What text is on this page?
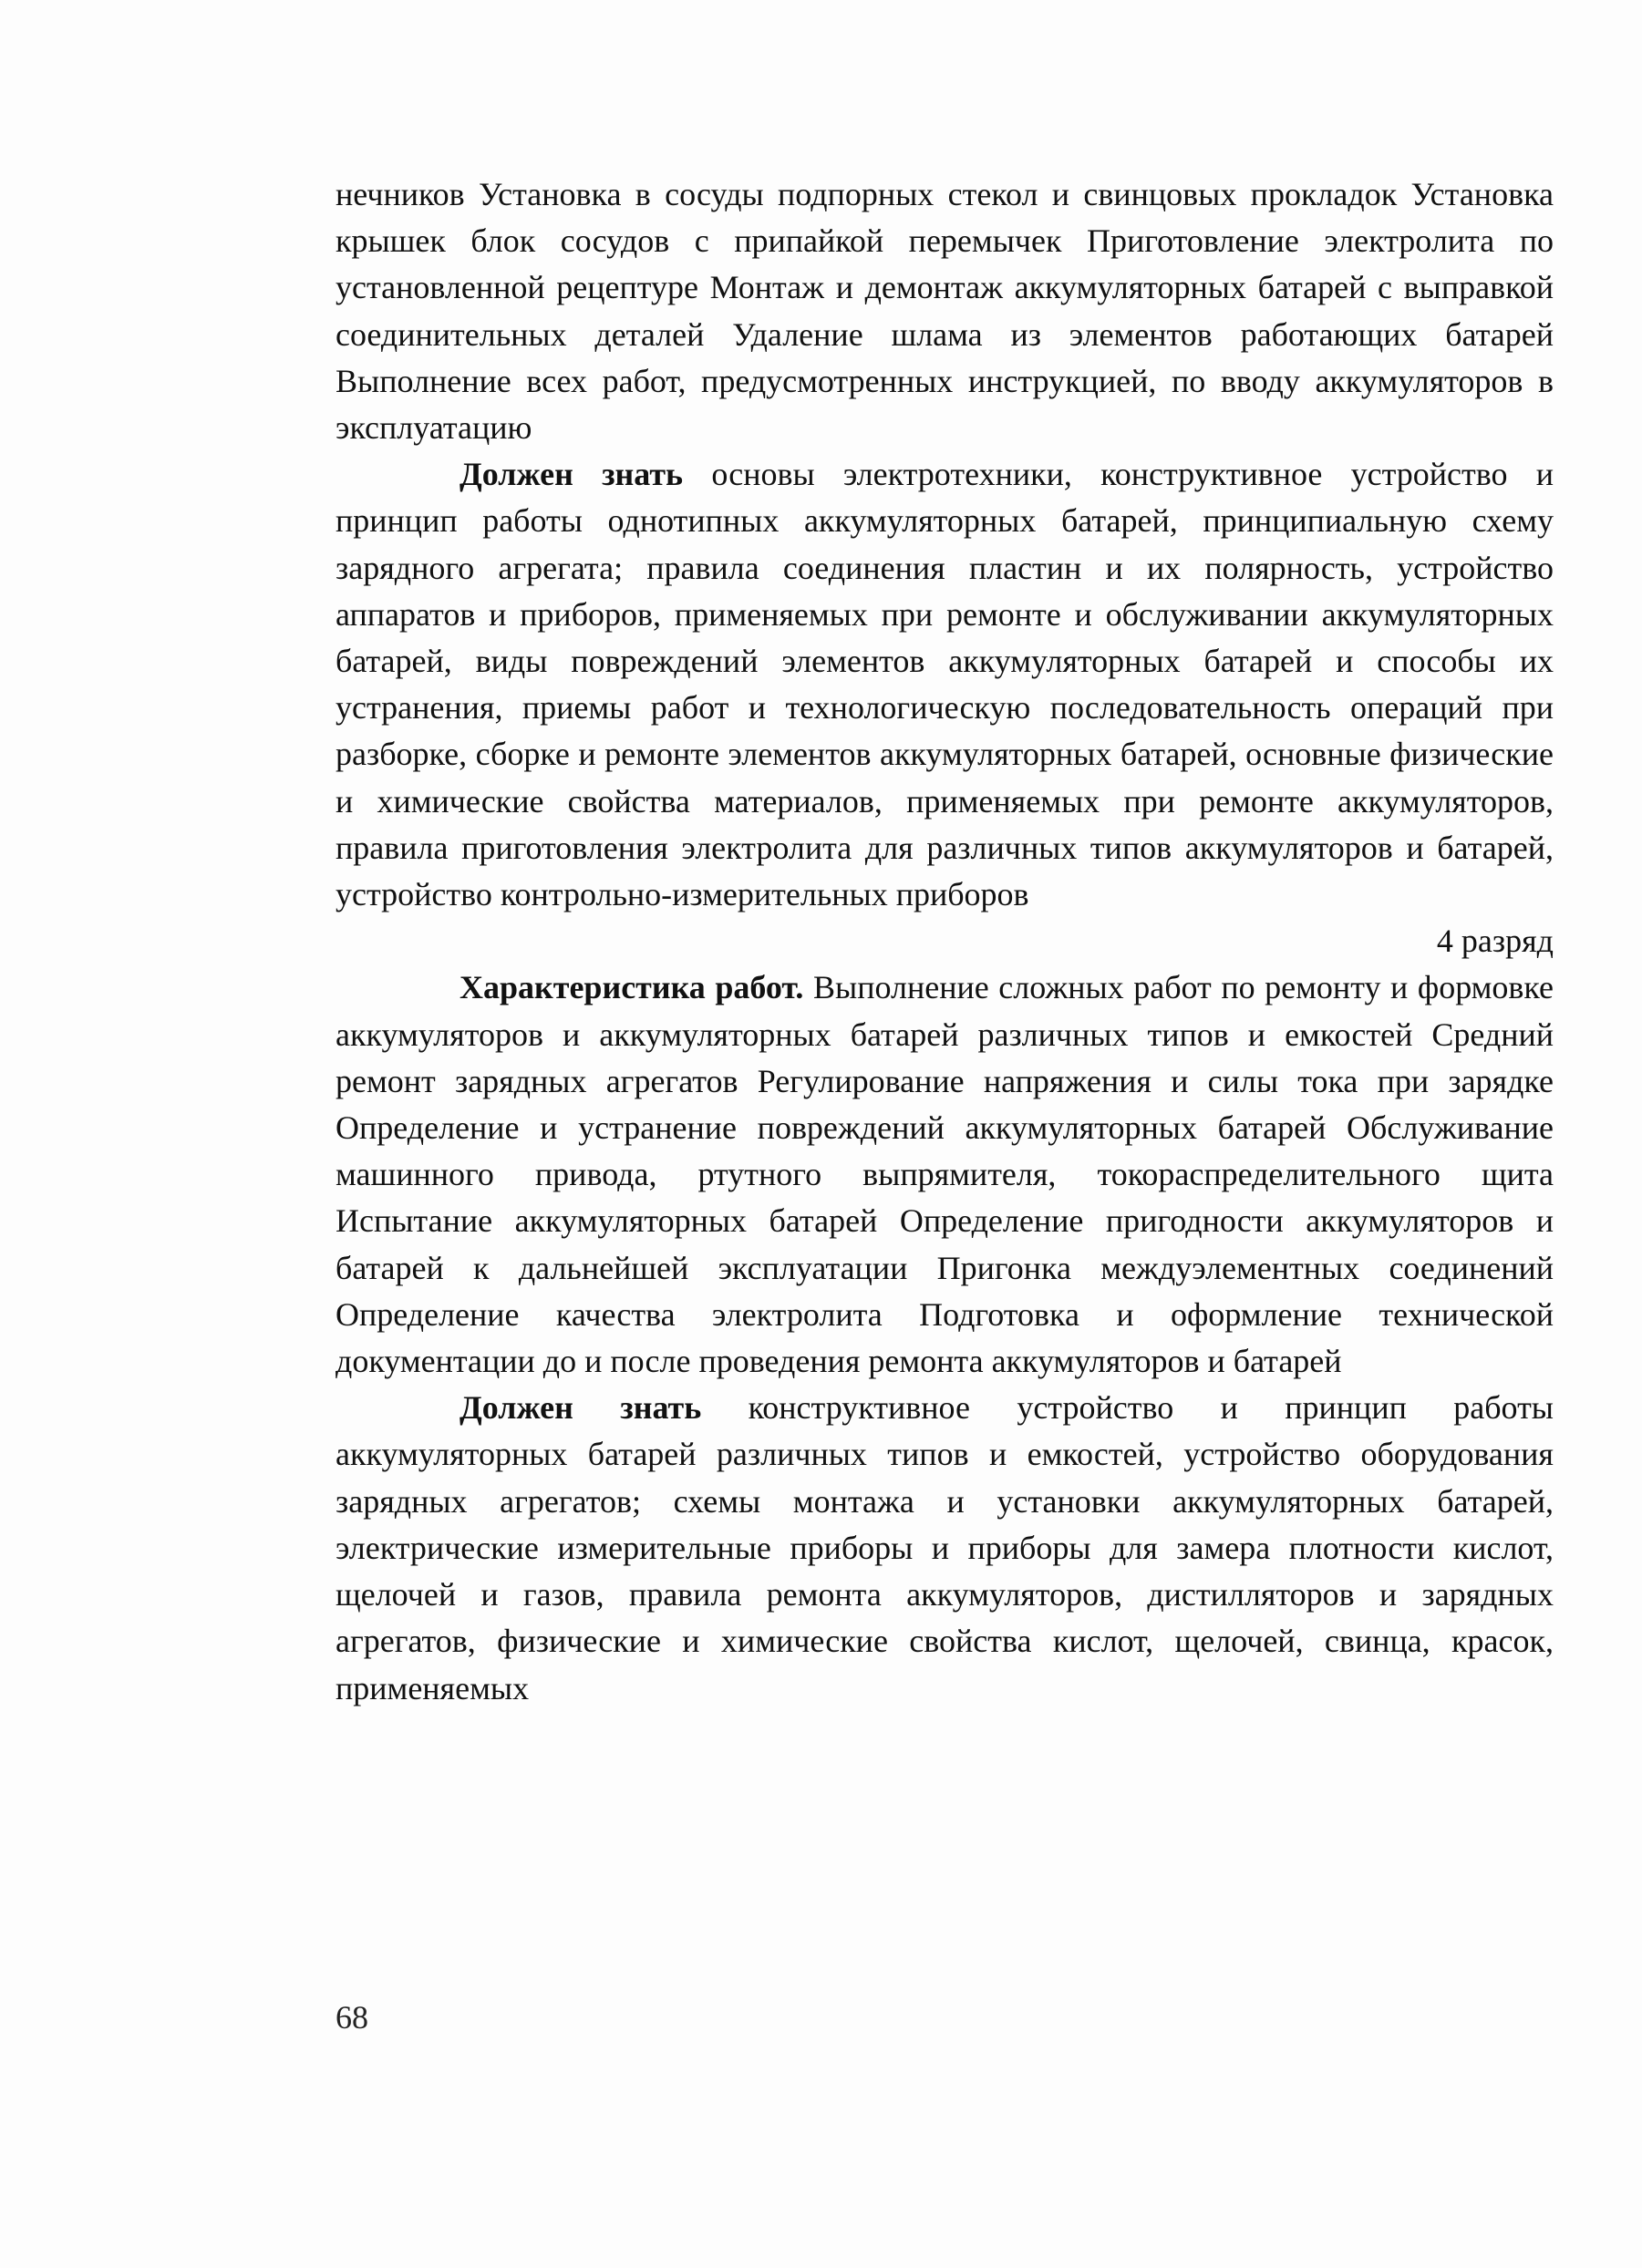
нечников Установка в сосуды подпорных стекол и свинцовых прокладок Установка крышек блок сосудов с припайкой перемычек Приготовление электролита по установленной рецептуре Монтаж и демонтаж аккумуляторных батарей с выправкой соединительных деталей Удаление шлама из элементов работающих батарей Выполнение всех работ, предусмотренных инструкцией, по вводу аккумуляторов в эксплуатацию

Должен знать основы электротехники, конструктивное устройство и принцип работы однотипных аккумуляторных батарей, принципиальную схему зарядного агрегата; правила соединения пластин и их полярность, устройство аппаратов и приборов, применяемых при ремонте и обслуживании аккумуляторных батарей, виды повреждений элементов аккумуляторных батарей и способы их устранения, приемы работ и технологическую последовательность операций при разборке, сборке и ремонте элементов аккумуляторных батарей, основные физические и химические свойства материалов, применяемых при ремонте аккумуляторов, правила приготовления электролита для различных типов аккумуляторов и батарей, устройство контрольно-измерительных приборов

4 разряд

Характеристика работ. Выполнение сложных работ по ремонту и формовке аккумуляторов и аккумуляторных батарей различных типов и емкостей Средний ремонт зарядных агрегатов Регулирование напряжения и силы тока при зарядке Определение и устранение повреждений аккумуляторных батарей Обслуживание машинного привода, ртутного выпрямителя, токораспределительного щита Испытание аккумуляторных батарей Определение пригодности аккумуляторов и батарей к дальнейшей эксплуатации Пригонка междуэлементных соединений Определение качества электролита Подготовка и оформление технической документации до и после проведения ремонта аккумуляторов и батарей

Должен знать конструктивное устройство и принцип работы аккумуляторных батарей различных типов и емкостей, устройство оборудования зарядных агрегатов; схемы монтажа и установки аккумуляторных батарей, электрические измерительные приборы и приборы для замера плотности кислот, щелочей и газов, правила ремонта аккумуляторов, дистилляторов и зарядных агрегатов, физические и химические свойства кислот, щелочей, свинца, красок, применяемых

68
